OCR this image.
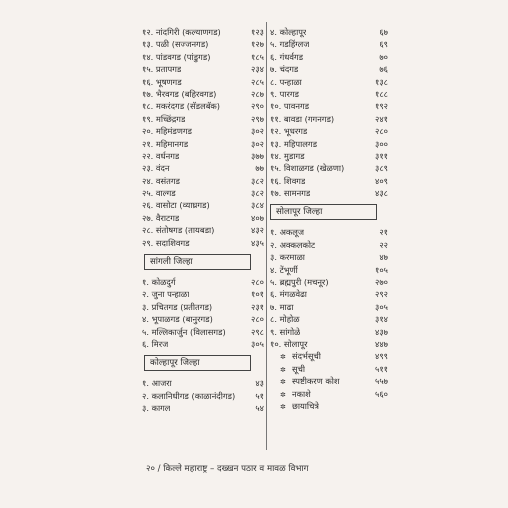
१२. नांदगिरी (कल्याणगड)	१२३
१३. पळी (सज्जनगड)	१२७
१४. पांडवगड (पांडुगड)	१८५
१५. प्रतापगड	२३४
१६. भूषणगड	२८५
१७. भैरवगड (बहिरवगड)	२८७
१८. मकरंदगड (सॅडलबॅक)	२९०
१९. मच्छिंद्रगड	२९७
२०. महिमंडणगड	३०२
२१. महिमानगड	३०२
२२. वर्धनगड	३७७
२३. वंदन	७७
२४. वसंतगड	३८२
२५. वाल्गड	३८२
२६. वासोटा (व्याघ्रगड)	३८४
२७. वैराटगड	४०७
२८. संतोषगड (तायबडा)	४३२
२९. सदाशिवगड	४३५
सांगली जिल्हा
१. कोळदुर्ग	२८०
२. जुना पन्हाळा	१०१
३. प्रचितगड (प्रतीतगड)	२३१
४. भूपाळगड (बानुरगड)	२८०
५. मल्लिकार्जुन (विलासगड)	२९८
६. मिरज	३०५
कोल्हापूर जिल्हा
१. आजरा	४३
२. कलानिधीगड (काळानंदीगड)	५१
३. कागल	५४
४. कोल्हापूर	६७
५. गडहिंग्लज	६९
६. गंधर्वगड	७०
७. चंदगड	७६
८. पन्हाळा	१३८
९. पारगड	१८८
१०. पावनगड	१९२
११. बावडा (गगनगड)	२४१
१२. भूधरगड	२८०
१३. महिपालगड	३००
१४. मुडागड	३११
१५. विशाळगड (खेळणा)	३८९
१६. शिवगड	४०९
१७. सामनगड	४३८
सोलापूर जिल्हा
१. अकलूज	२१
२. अक्कलकोट	२२
३. करमाळा	४७
४. टेंभूर्णी	१०५
५. ब्रह्मपुरी (मचनूर)	२७०
६. मंगळवेढा	२९२
७. माढा	३०५
८. मोहोळ	३१४
९. सांगोळे	४३७
१०. सोलापूर	४४७
✲ संदर्भसूची	४९९
✲ सूची	५११
✲ स्पष्टीकरण कोश	५५७
✲ नकाशे	५६०
✲ छायाचित्रे
२० / किल्ले महाराष्ट्र – दख्खन पठार व मावळ विभाग
